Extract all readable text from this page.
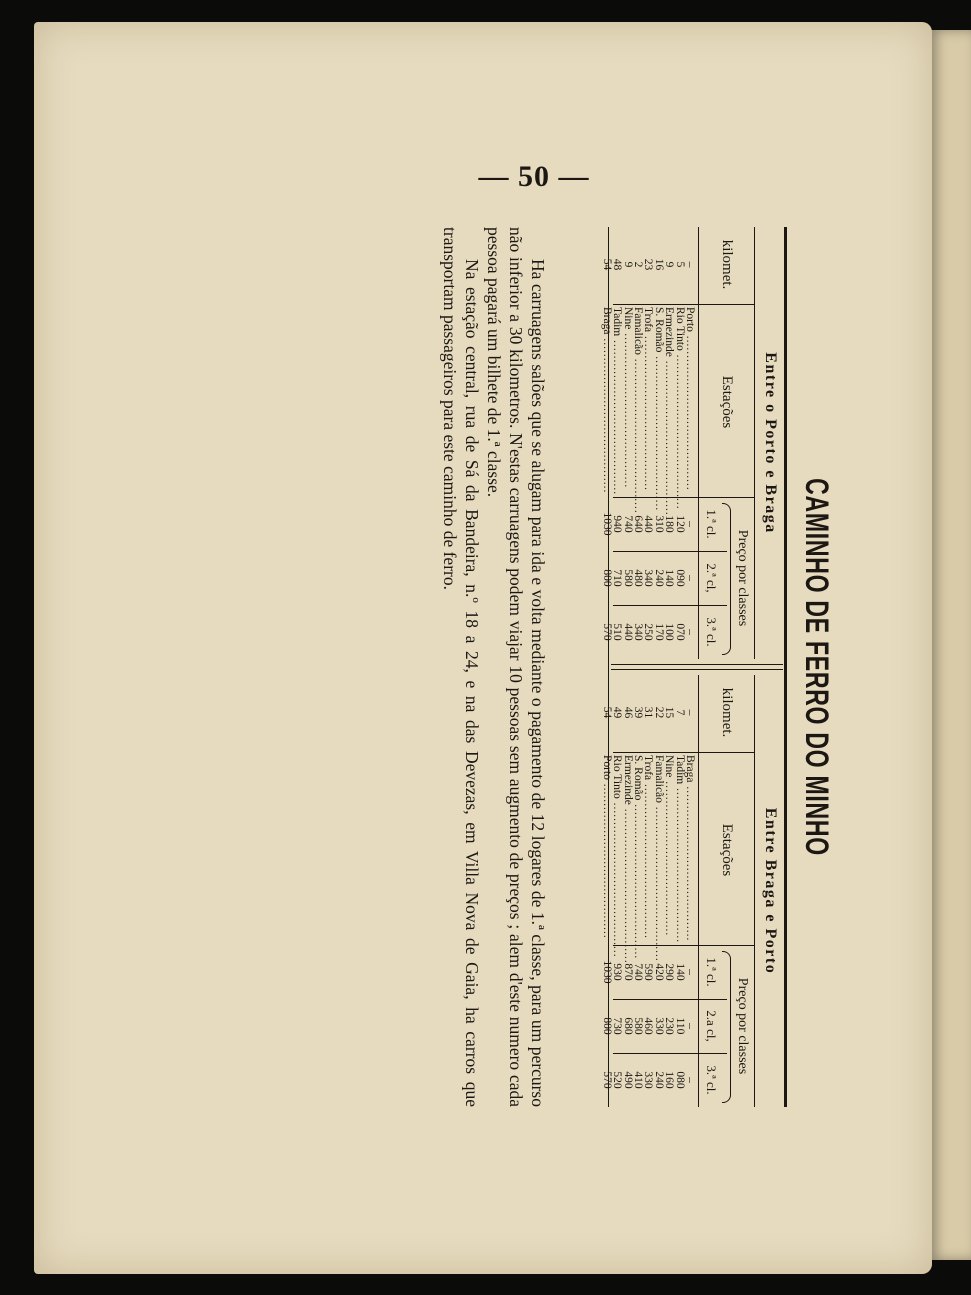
— 50 —
CAMINHO DE FERRO DO MINHO
Entre o Porto e Braga
kilomet.
Estações
Preço por classes
1.ª cl.
2.ª cl,
3.ª cl.
–
Porto .....
–
–
–
5
Rio Tinto .....
120
090
070
9
Ermezinde .....
180
140
100
16
S. Romão .....
310
240
170
23
Trofa .....
440
340
250
2
Famalicão .....
640
480
340
9
Nine .....
740
580
440
48
Tadim .....
940
710
510
54
Braga .....
1030
800
570
Entre Braga e Porto
kilomet.
Estações
Preço por classes
1.ª cl.
2.a cl,
3.ª cl.
–
Braga .....
–
–
–
7
Tadim .....
140
110
080
15
Nine .....
290
230
160
22
Famalicão .....
420
330
240
31
Trofa .....
590
460
330
39
S. Romão .....
740
580
410
46
Ermezinde .....
870
680
490
49
Rio Tinto .....
930
730
520
54
Porto .....
1030
800
570

Ha carruagens salões que se alugam para ida e volta mediante o pagamento de 12 logares de 1.ª classe, para um percurso não inferior a 30 kilometros. N'estas carruagens podem viajar 10 pessoas sem augmento de preços ; alem d'este numero cada pessoa pagará um bilhete de 1.ª classe.

Na estação central, rua de Sá da Bandeira, n.º 18 a 24, e na das Devezas, em Villa Nova de Gaia, ha carros que transportam passageiros para este caminho de ferro.
